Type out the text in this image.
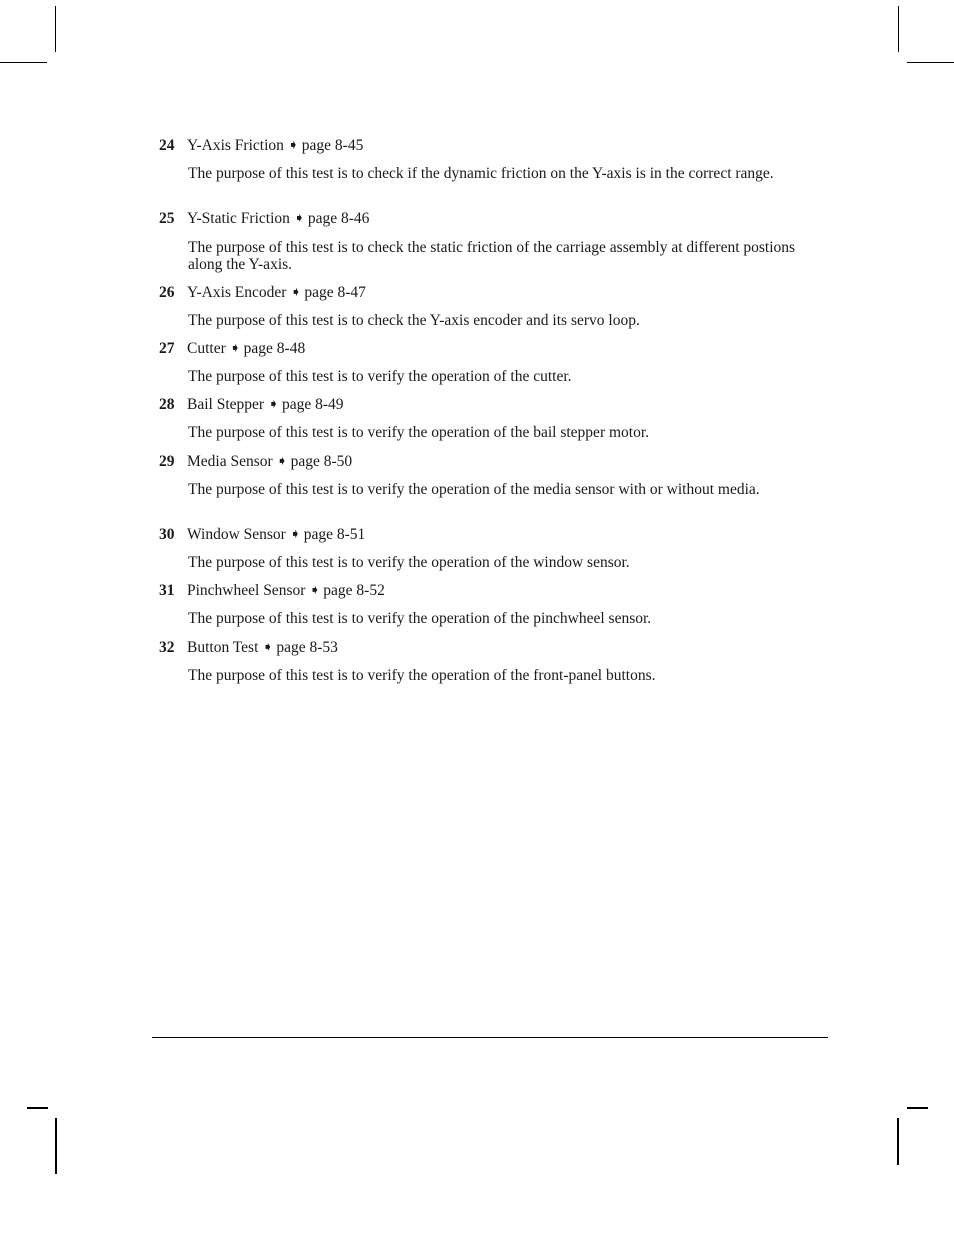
24 Y-Axis Friction ➧ page 8-45

The purpose of this test is to check if the dynamic friction on the Y-axis is in the correct range.

25 Y-Static Friction ➧ page 8-46

The purpose of this test is to check the static friction of the carriage assembly at different postions along the Y-axis.

26 Y-Axis Encoder ➧ page 8-47

The purpose of this test is to check the Y-axis encoder and its servo loop.

27 Cutter ➧ page 8-48

The purpose of this test is to verify the operation of the cutter.

28 Bail Stepper ➧ page 8-49

The purpose of this test is to verify the operation of the bail stepper motor.

29 Media Sensor ➧ page 8-50

The purpose of this test is to verify the operation of the media sensor with or without media.

30 Window Sensor ➧ page 8-51

The purpose of this test is to verify the operation of the window sensor.

31 Pinchwheel Sensor ➧ page 8-52

The purpose of this test is to verify the operation of the pinchwheel sensor.

32 Button Test ➧ page 8-53

The purpose of this test is to verify the operation of the front-panel buttons.
